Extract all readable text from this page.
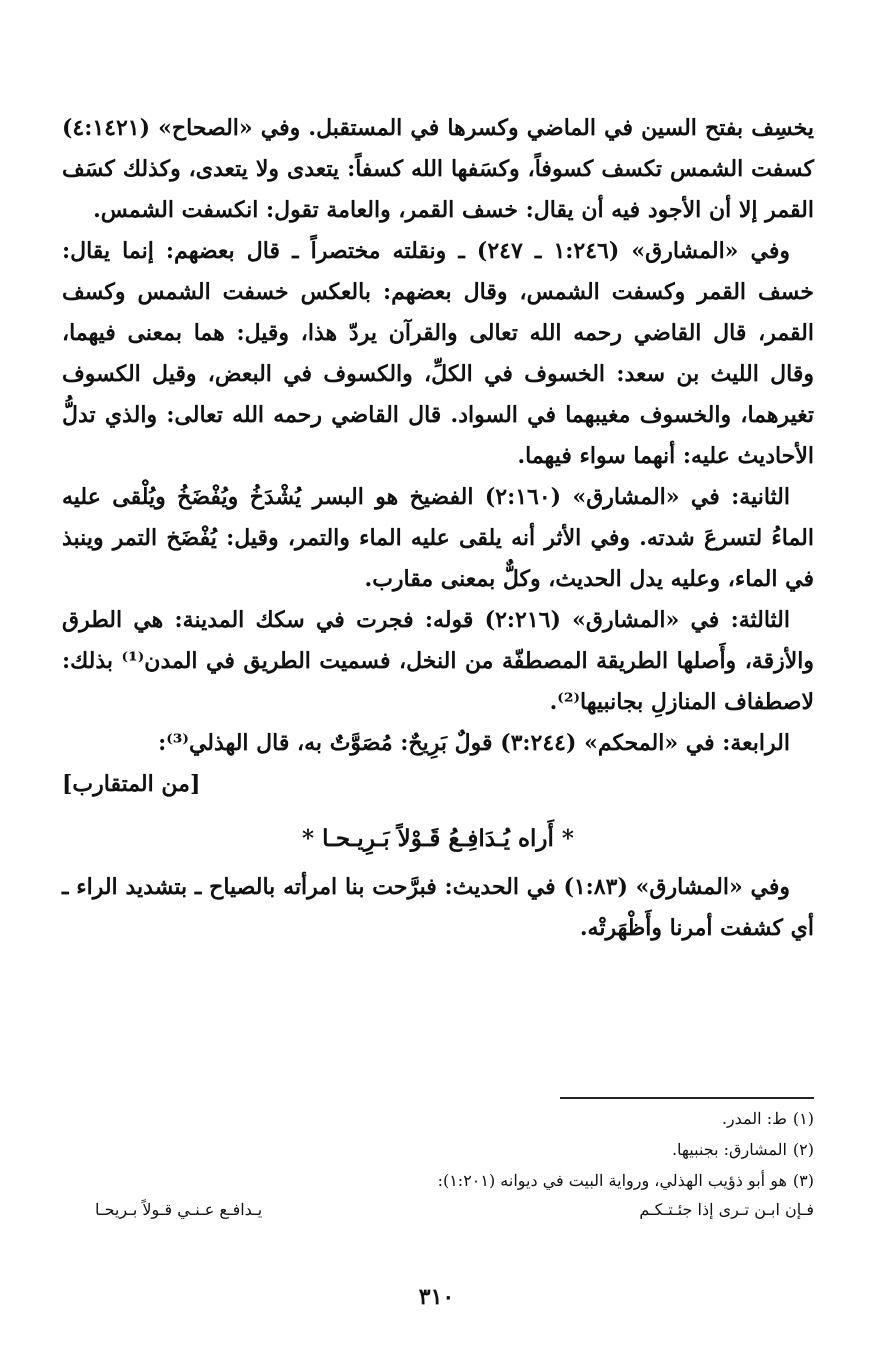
يخسِف بفتح السين في الماضي وكسرها في المستقبل. وفي «الصحاح» (٤:١٤٢١) كسفت الشمس تكسف كسوفاً، وكسَفها الله كسفاً: يتعدى ولا يتعدى، وكذلك كسَف القمر إلا أن الأجود فيه أن يقال: خسف القمر، والعامة تقول: انكسفت الشمس.

وفي «المشارق» (١:٢٤٦ ـ ٢٤٧) ـ ونقلته مختصراً ـ قال بعضهم: إنما يقال: خسف القمر وكسفت الشمس، وقال بعضهم: بالعكس خسفت الشمس وكسف القمر، قال القاضي رحمه الله تعالى والقرآن يردّ هذا، وقيل: هما بمعنى فيهما، وقال الليث بن سعد: الخسوف في الكلِّ، والكسوف في البعض، وقيل الكسوف تغيرهما، والخسوف مغيبهما في السواد. قال القاضي رحمه الله تعالى: والذي تدلُّ الأحاديث عليه: أنهما سواء فيهما.

الثانية: في «المشارق» (٢:١٦٠) الفضيخ هو البسر يُشْدَخُ ويُفْضَخُ ويُلْقى عليه الماءُ لتسرعَ شدته. وفي الأثر أنه يلقى عليه الماء والتمر، وقيل: يُفْضَخ التمر وينبذ في الماء، وعليه يدل الحديث، وكلٌّ بمعنى مقارب.

الثالثة: في «المشارق» (٢:٢١٦) قوله: فجرت في سكك المدينة: هي الطرق والأزقة، وأَصلها الطريقة المصطفّة من النخل، فسميت الطريق في المدن⁽¹⁾ بذلك: لاصطفاف المنازلِ بجانبيها⁽²⁾.

الرابعة: في «المحكم» (٣:٢٤٤) قولٌ بَرِيحٌ: مُصَوَّتٌ به، قال الهذلي⁽³⁾:

[من المتقارب]
* أَراه يُـدَافِـعُ قَـوْلاً بَـرِيـحـا *

وفي «المشارق» (١:٨٣) في الحديث: فبرَّحت بنا امرأته بالصياح ـ بتشديد الراء ـ أي كشفت أمرنا وأَظْهَرتْه.

(١)ط: المدر.

(٢)المشارق: بجنبيها.

(٣)هو أبو ذؤيب الهذلي، ورواية البيت في ديوانه (١:٢٠١):

فـإن ابـن تـرى إذا جئـتـكـم
يـدافـع عـنـي قـولاً بـريحـا
٣١٠
